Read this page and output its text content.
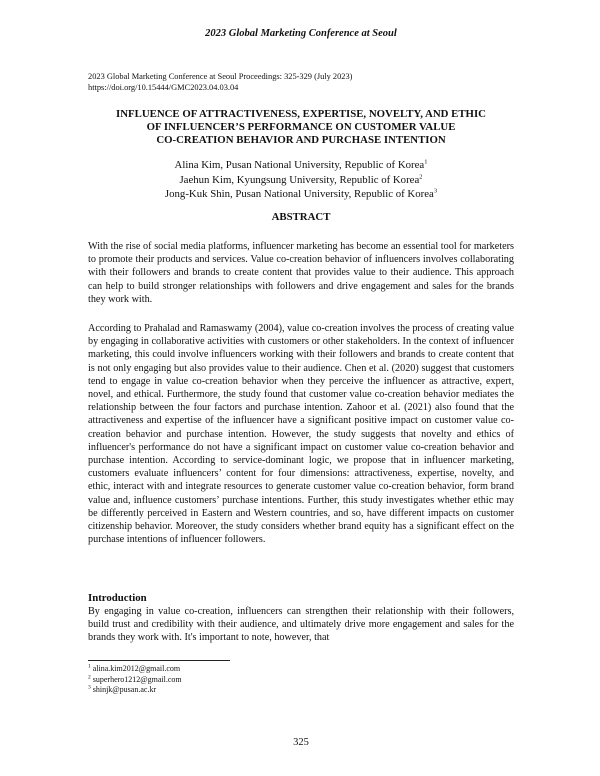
2023 Global Marketing Conference at Seoul
2023 Global Marketing Conference at Seoul Proceedings: 325-329 (July 2023)
https://doi.org/10.15444/GMC2023.04.03.04
INFLUENCE OF ATTRACTIVENESS, EXPERTISE, NOVELTY, AND ETHIC
OF INFLUENCER’S PERFORMANCE ON CUSTOMER VALUE
CO-CREATION BEHAVIOR AND PURCHASE INTENTION
Alina Kim, Pusan National University, Republic of Korea$^1$
Jaehun Kim, Kyungsung University, Republic of Korea$^2$
Jong-Kuk Shin, Pusan National University, Republic of Korea$^3$
ABSTRACT

With the rise of social media platforms, influencer marketing has become an essential tool for marketers to promote their products and services. Value co-creation behavior of influencers involves collaborating with their followers and brands to create content that provides value to their audience. This approach can help to build stronger relationships with followers and drive engagement and sales for the brands they work with.

According to Prahalad and Ramaswamy (2004), value co-creation involves the process of creating value by engaging in collaborative activities with customers or other stakeholders. In the context of influencer marketing, this could involve influencers working with their followers and brands to create content that is not only engaging but also provides value to their audience. Chen et al. (2020) suggest that customers tend to engage in value co-creation behavior when they perceive the influencer as attractive, expert, novel, and ethical. Furthermore, the study found that customer value co-creation behavior mediates the relationship between the four factors and purchase intention. Zahoor et al. (2021) also found that the attractiveness and expertise of the influencer have a significant positive impact on customer value co-creation behavior and purchase intention. However, the study suggests that novelty and ethics of influencer's performance do not have a significant impact on customer value co-creation behavior and purchase intention. According to service-dominant logic, we propose that in influencer marketing, customers evaluate influencers’ content for four dimensions: attractiveness, expertise, novelty, and ethic, interact with and integrate resources to generate customer value co-creation behavior, form brand value and, influence customers’ purchase intentions. Further, this study investigates whether ethic may be differently perceived in Eastern and Western countries, and so, have different impacts on customer citizenship behavior. Moreover, the study considers whether brand equity has a significant effect on the purchase intentions of influencer followers.

Introduction

By engaging in value co-creation, influencers can strengthen their relationship with their followers, build trust and credibility with their audience, and ultimately drive more engagement and sales for the brands they work with. It's important to note, however, that

$^1$ alina.kim2012@gmail.com
$^2$ superhero1212@gmail.com
$^3$ shinjk@pusan.ac.kr
325
